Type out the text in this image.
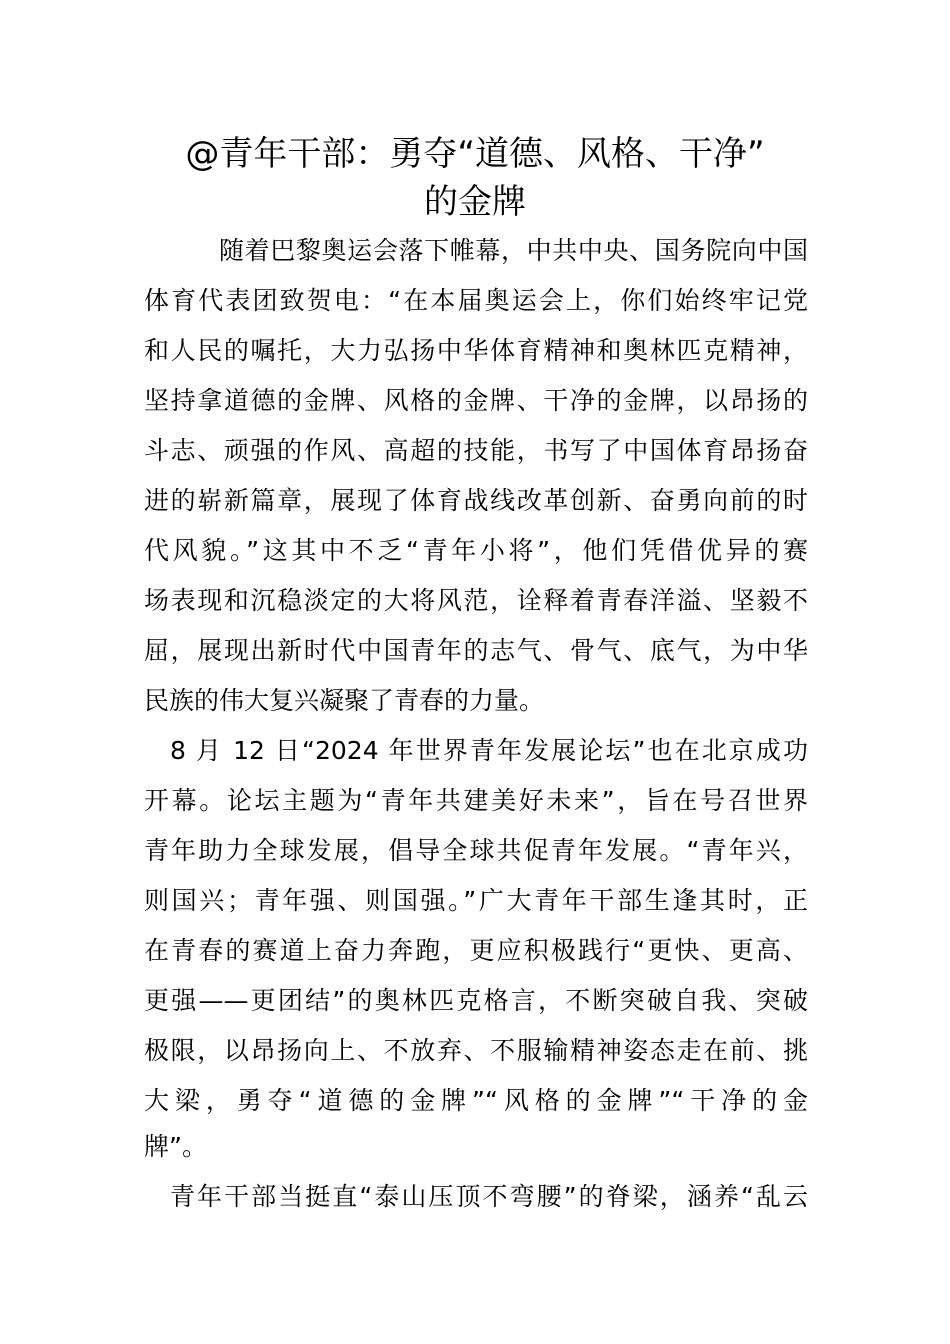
@青年干部：勇夺“道德、风格、干净”
的金牌

随着巴黎奥运会落下帷幕，中共中央、国务院向中国

体育代表团致贺电：“在本届奥运会上，你们始终牢记党

和人民的嘱托，大力弘扬中华体育精神和奥林匹克精神，

坚持拿道德的金牌、风格的金牌、干净的金牌，以昂扬的

斗志、顽强的作风、高超的技能，书写了中国体育昂扬奋

进的崭新篇章，展现了体育战线改革创新、奋勇向前的时

代风貌。”这其中不乏“青年小将”，他们凭借优异的赛

场表现和沉稳淡定的大将风范，诠释着青春洋溢、坚毅不

屈，展现出新时代中国青年的志气、骨气、底气，为中华

民族的伟大复兴凝聚了青春的力量。

8 月 12 日“2024 年世界青年发展论坛”也在北京成功

开幕。论坛主题为“青年共建美好未来”，旨在号召世界

青年助力全球发展，倡导全球共促青年发展。“青年兴，

则国兴；青年强、则国强。”广大青年干部生逢其时，正

在青春的赛道上奋力奔跑，更应积极践行“更快、更高、

更强——更团结”的奥林匹克格言，不断突破自我、突破

极限，以昂扬向上、不放弃、不服输精神姿态走在前、挑

大梁，勇夺“道德的金牌”“风格的金牌”“干净的金

牌”。

青年干部当挺直“泰山压顶不弯腰”的脊梁，涵养“乱云
